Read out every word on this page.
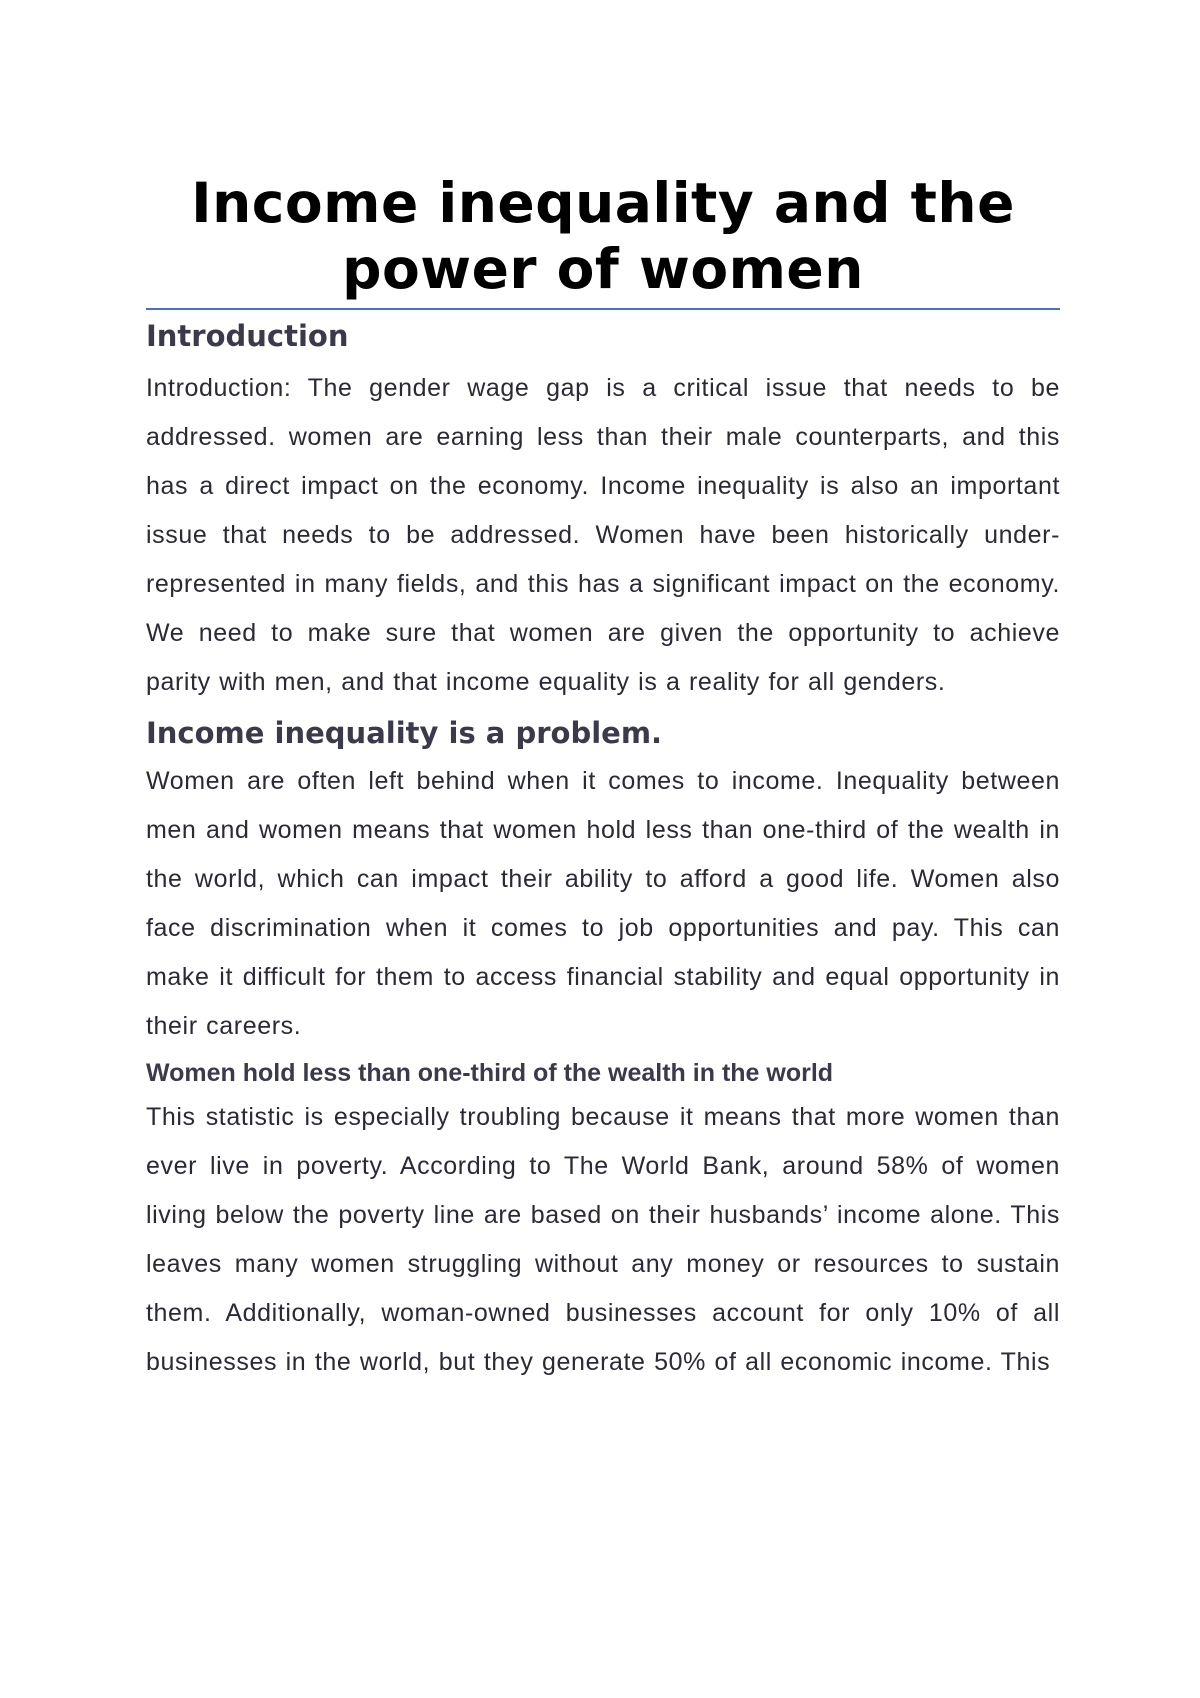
Income inequality and the power of women
Introduction

Introduction: The gender wage gap is a critical issue that needs to be addressed. women are earning less than their male counterparts, and this has a direct impact on the economy. Income inequality is also an important issue that needs to be addressed. Women have been historically under-represented in many fields, and this has a significant impact on the economy. We need to make sure that women are given the opportunity to achieve parity with men, and that income equality is a reality for all genders.

Income inequality is a problem.

Women are often left behind when it comes to income. Inequality between men and women means that women hold less than one-third of the wealth in the world, which can impact their ability to afford a good life. Women also face discrimination when it comes to job opportunities and pay. This can make it difficult for them to access financial stability and equal opportunity in their careers.

Women hold less than one-third of the wealth in the world

This statistic is especially troubling because it means that more women than ever live in poverty. According to The World Bank, around 58% of women living below the poverty line are based on their husbands’ income alone. This leaves many women struggling without any money or resources to sustain them. Additionally, woman-owned businesses account for only 10% of all businesses in the world, but they generate 50% of all economic income. This
